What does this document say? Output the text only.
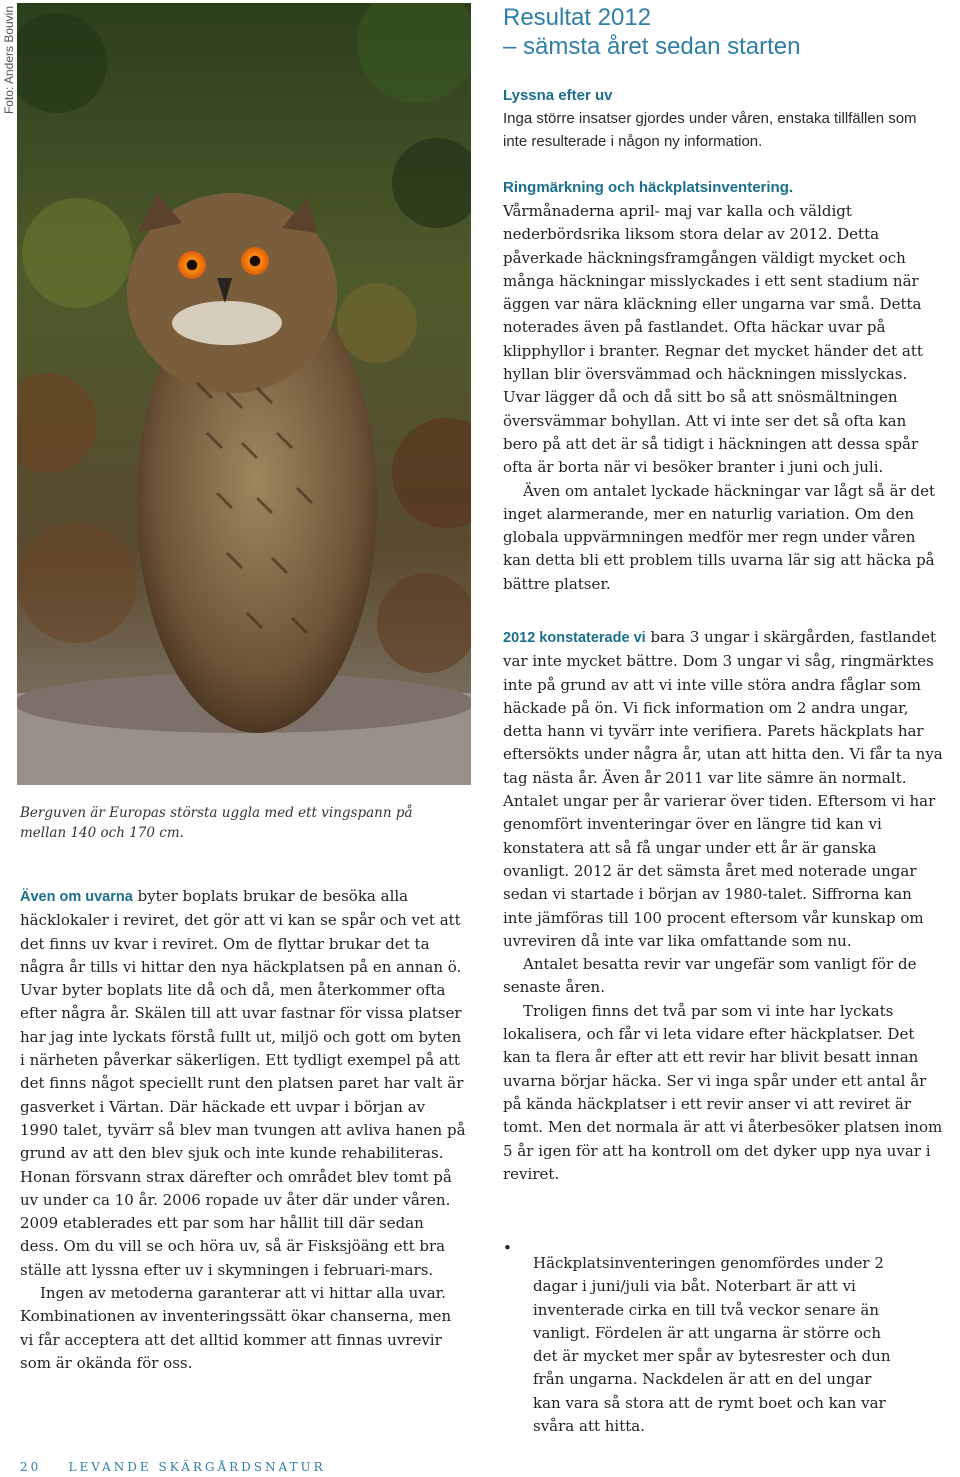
Foto: Anders Bouvin
Berguven är Europas största uggla med ett vingspann på mellan 140 och 170 cm.

Resultat 2012

– sämsta året sedan starten

Lyssna efter uv

Inga större insatser gjordes under våren, enstaka tillfällen som inte resulterade i någon ny information.

Ringmärkning och häckplatsinventering.

Vårmånaderna april- maj var kalla och väldigt nederbördsrika liksom stora delar av 2012. Detta påverkade häckningsframgången väldigt mycket och många häckningar misslyckades i ett sent stadium när äggen var nära kläckning eller ungarna var små. Detta noterades även på fastlandet. Ofta häckar uvar på klipphyllor i branter. Regnar det mycket händer det att hyllan blir översvämmad och häckningen misslyckas. Uvar lägger då och då sitt bo så att snösmältningen översvämmar bohyllan. Att vi inte ser det så ofta kan bero på att det är så tidigt i häckningen att dessa spår ofta är borta när vi besöker branter i juni och juli.

Även om antalet lyckade häckningar var lågt så är det inget alarmerande, mer en naturlig variation. Om den globala uppvärmningen medför mer regn under våren kan detta bli ett problem tills uvarna lär sig att häcka på bättre platser.

2012 konstaterade vi bara 3 ungar i skärgården, fastlandet var inte mycket bättre. Dom 3 ungar vi såg, ringmärktes inte på grund av att vi inte ville störa andra fåglar som häckade på ön. Vi fick information om 2 andra ungar, detta hann vi tyvärr inte verifiera. Parets häckplats har eftersökts under några år, utan att hitta den. Vi får ta nya tag nästa år. Även år 2011 var lite sämre än normalt. Antalet ungar per år varierar över tiden. Eftersom vi har genomfört inventeringar över en längre tid kan vi konstatera att så få ungar under ett år är ganska ovanligt. 2012 är det sämsta året med noterade ungar sedan vi startade i början av 1980-talet. Siffrorna kan inte jämföras till 100 procent eftersom vår kunskap om uvreviren då inte var lika omfattande som nu.

Antalet besatta revir var ungefär som vanligt för de senaste åren.

Troligen finns det två par som vi inte har lyckats lokalisera, och får vi leta vidare efter häckplatser. Det kan ta flera år efter att ett revir har blivit besatt innan uvarna börjar häcka. Ser vi inga spår under ett antal år på kända häckplatser i ett revir anser vi att reviret är tomt. Men det normala är att vi återbesöker platsen inom 5 år igen för att ha kontroll om det dyker upp nya uvar i reviret.

•

Häckplatsinventeringen genomfördes under 2 dagar i juni/juli via båt. Noterbart är att vi inventerade cirka en till två veckor senare än vanligt. Fördelen är att ungarna är större och det är mycket mer spår av bytesrester och dun från ungarna. Nackdelen är att en del ungar kan vara så stora att de rymt boet och kan var svåra att hitta.

Även om uvarna byter boplats brukar de besöka alla häcklokaler i reviret, det gör att vi kan se spår och vet att det finns uv kvar i reviret. Om de flyttar brukar det ta några år tills vi hittar den nya häckplatsen på en annan ö. Uvar byter boplats lite då och då, men återkommer ofta efter några år. Skälen till att uvar fastnar för vissa platser har jag inte lyckats förstå fullt ut, miljö och gott om byten i närheten påverkar säkerligen. Ett tydligt exempel på att det finns något speciellt runt den platsen paret har valt är gasverket i Värtan. Där häckade ett uvpar i början av 1990 talet, tyvärr så blev man tvungen att avliva hanen på grund av att den blev sjuk och inte kunde rehabiliteras. Honan försvann strax därefter och området blev tomt på uv under ca 10 år. 2006 ropade uv åter där under våren. 2009 etablerades ett par som har hållit till där sedan dess. Om du vill se och höra uv, så är Fisksjöäng ett bra ställe att lyssna efter uv i skymningen i februari-mars.

Ingen av metoderna garanterar att vi hittar alla uvar. Kombinationen av inventeringssätt ökar chanserna, men vi får acceptera att det alltid kommer att finnas uvrevir som är okända för oss.

20 LEVANDE SKÄRGÅRDSNATUR
